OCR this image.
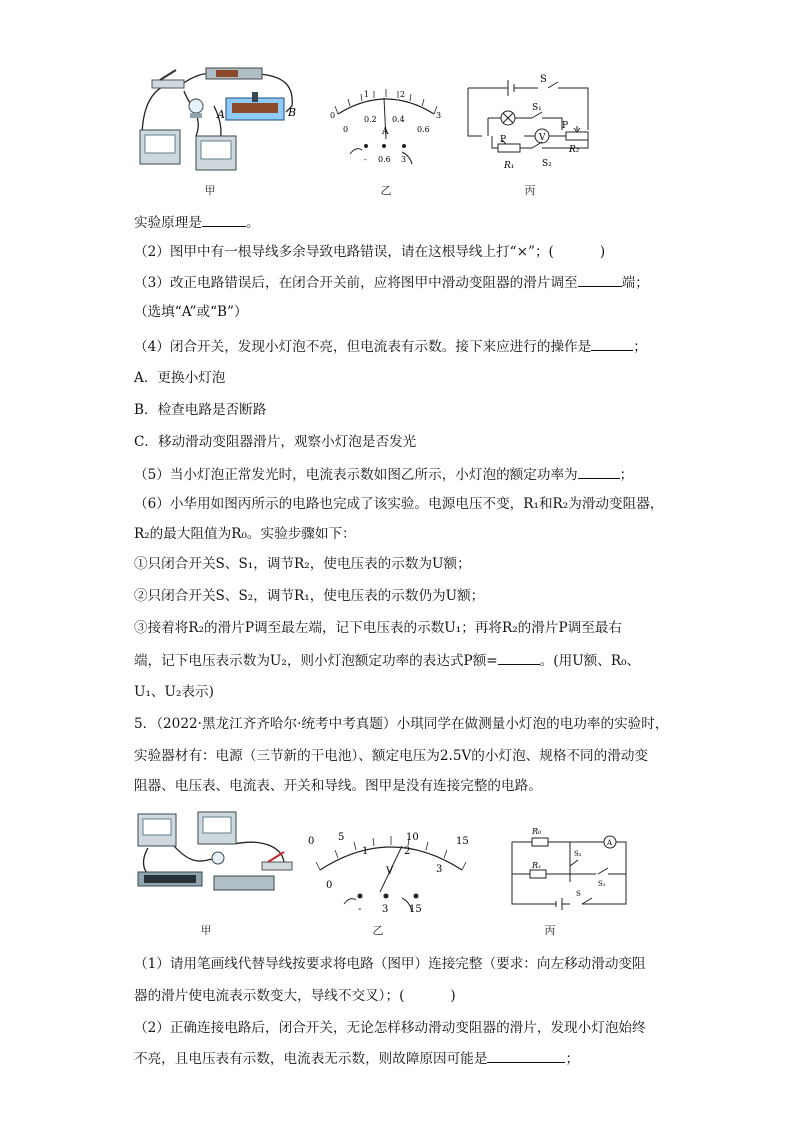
A	B
甲
0
1	2
3
0
0.2 0.4
0.6
A
- 0.6 3
乙
S
S₁
V
P
R₂
P
R₁	S₂
丙
实验原理是	。
（2）图甲中有一根导线多余导致电路错误，请在这根导线上打“×”；(	)
（3）改正电路错误后，在闭合开关前，应将图甲中滑动变阻器的滑片调至	端；
（选填“A”或“B”）
（4）闭合开关，发现小灯泡不亮，但电流表有示数。接下来应进行的操作是	；
A．更换小灯泡
B．检查电路是否断路
C．移动滑动变阻器滑片，观察小灯泡是否发光
（5）当小灯泡正常发光时，电流表示数如图乙所示，小灯泡的额定功率为	；
（6）小华用如图丙所示的电路也完成了该实验。电源电压不变，R₁和R₂为滑动变阻器，
R₂的最大阻值为R₀。实验步骤如下：
①只闭合开关S、S₁，调节R₂，使电压表的示数为U额；
②只闭合开关S、S₂，调节R₁，使电压表的示数仍为U额；
③接着将R₂的滑片P调至最左端，记下电压表的示数U₁；再将R₂的滑片P调至最右
端，记下电压表示数为U₂，则小灯泡额定功率的表达式P额=	。(用U额、R₀、
U₁、U₂表示)
5．（2022·黑龙江齐齐哈尔·统考中考真题）小琪同学在做测量小灯泡的电功率的实验时，
实验器材有：电源（三节新的干电池）、额定电压为2.5V的小灯泡、规格不同的滑动变
阻器、电压表、电流表、开关和导线。图甲是没有连接完整的电路。
甲
0 5	10	15
0
1	2
3
V
- 3 15
乙
R₀
Rₓ
A
S₂
S₁
S
丙
（1）请用笔画线代替导线按要求将电路（图甲）连接完整（要求：向左移动滑动变阻
器的滑片使电流表示数变大，导线不交叉）；(	)
（2）正确连接电路后，闭合开关，无论怎样移动滑动变阻器的滑片，发现小灯泡始终
不亮，且电压表有示数，电流表无示数，则故障原因可能是	；
